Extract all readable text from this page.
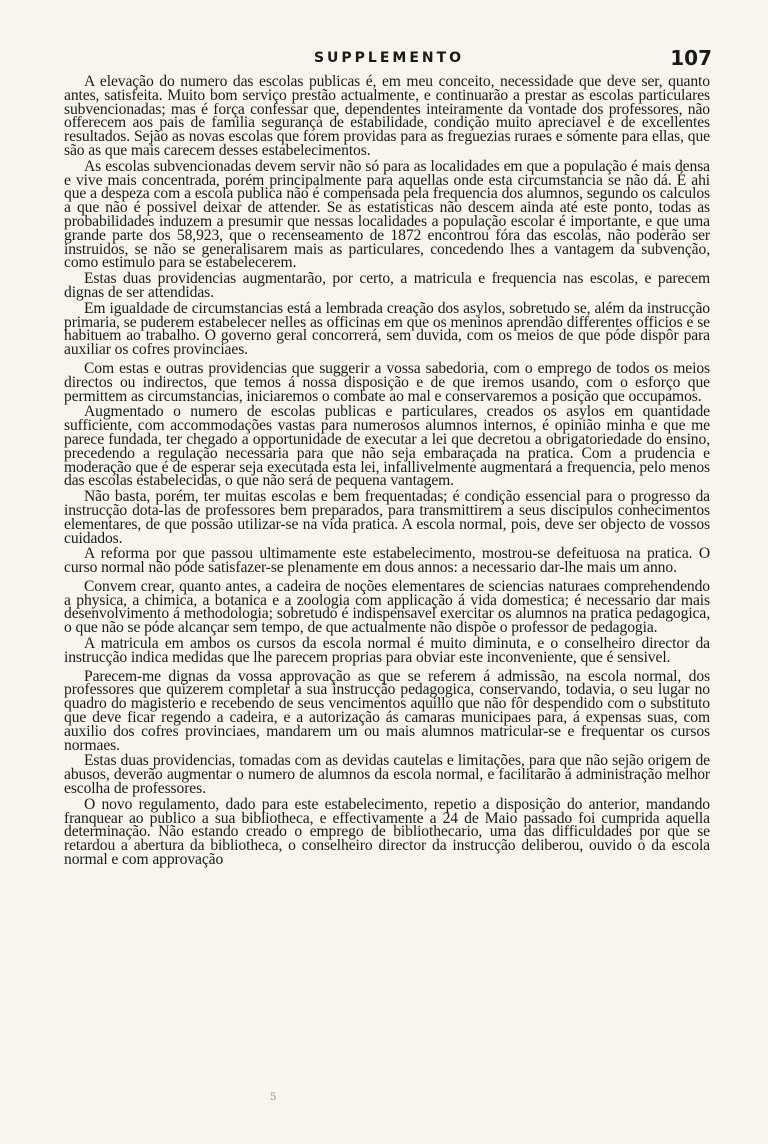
SUPPLEMENTO	107

A elevação do numero das escolas publicas é, em meu conceito, necessidade que deve ser, quanto antes, satisfeita. Muito bom serviço prestão actualmente, e continuarão a prestar as escolas particulares subvencionadas; mas é força confessar que, dependentes inteiramente da vontade dos professores, não offerecem aos pais de familia segurança de estabilidade, condição muito apreciavel e de excellentes resultados. Sejão as novas escolas que forem providas para as freguezias ruraes e sómente para ellas, que são as que mais carecem desses estabelecimentos.

As escolas subvencionadas devem servir não só para as localidades em que a população é mais densa e vive mais concentrada, porém principalmente para aquellas onde esta circumstancia se não dá. É ahi que a despeza com a escola publica não é compensada pela frequencia dos alumnos, segundo os calculos a que não é possivel deixar de attender. Se as estatisticas não descem ainda até este ponto, todas as probabilidades induzem a presumir que nessas localidades a população escolar é importante, e que uma grande parte dos 58,923, que o recenseamento de 1872 encontrou fóra das escolas, não poderão ser instruidos, se não se generalisarem mais as particulares, concedendo lhes a vantagem da subvenção, como estimulo para se estabelecerem.

Estas duas providencias augmentarão, por certo, a matricula e frequencia nas escolas, e parecem dignas de ser attendidas.

Em igualdade de circumstancias está a lembrada creação dos asylos, sobretudo se, além da instrucção primaria, se puderem estabelecer nelles as officinas em que os meninos aprendão differentes officios e se habituem ao trabalho. O governo geral concorrerá, sem duvida, com os meios de que póde dispôr para auxiliar os cofres provinciaes.

Com estas e outras providencias que suggerir a vossa sabedoria, com o emprego de todos os meios directos ou indirectos, que temos á nossa disposição e de que iremos usando, com o esforço que permittem as circumstancias, iniciaremos o combate ao mal e conservaremos a posição que occupamos.

Augmentado o numero de escolas publicas e particulares, creados os asylos em quantidade sufficiente, com accommodações vastas para numerosos alumnos internos, é opinião minha e que me parece fundada, ter chegado a opportunidade de executar a lei que decretou a obrigatoriedade do ensino, precedendo a regulação necessaria para que não seja embaraçada na pratica. Com a prudencia e moderação que é de esperar seja executada esta lei, infallivelmente augmentará a frequencia, pelo menos das escolas estabelecidas, o que não será de pequena vantagem.

Não basta, porém, ter muitas escolas e bem frequentadas; é condição essencial para o progresso da instrucção dota-las de professores bem preparados, para transmittirem a seus discipulos conhecimentos elementares, de que possão utilizar-se na vida pratica. A escola normal, pois, deve ser objecto de vossos cuidados.

A reforma por que passou ultimamente este estabelecimento, mostrou-se defeituosa na pratica. O curso normal não póde satisfazer-se plenamente em dous annos: a necessario dar-lhe mais um anno.

Convem crear, quanto antes, a cadeira de noções elementares de sciencias naturaes comprehendendo a physica, a chimica, a botanica e a zoologia com applicação á vida domestica; é necessario dar mais desenvolvimento á methodologia; sobretudo é indispensavel exercitar os alumnos na pratica pedagogica, o que não se póde alcançar sem tempo, de que actualmente não dispõe o professor de pedagogia.

A matricula em ambos os cursos da escola normal é muito diminuta, e o conselheiro director da instrucção indica medidas que lhe parecem proprias para obviar este inconveniente, que é sensivel.

Parecem-me dignas da vossa approvação as que se referem á admissão, na escola normal, dos professores que quizerem completar a sua instrucção pedagogica, conservando, todavia, o seu lugar no quadro do magisterio e recebendo de seus vencimentos aquillo que não fôr despendido com o substituto que deve ficar regendo a cadeira, e a autorização ás camaras municipaes para, á expensas suas, com auxilio dos cofres provinciaes, mandarem um ou mais alumnos matricular-se e frequentar os cursos normaes.

Estas duas providencias, tomadas com as devidas cautelas e limitações, para que não sejão origem de abusos, deverão augmentar o numero de alumnos da escola normal, e facilitarão á administração melhor escolha de professores.

O novo regulamento, dado para este estabelecimento, repetio a disposição do anterior, mandando franquear ao publico a sua bibliotheca, e effectivamente a 24 de Maio passado foi cumprida aquella determinação. Não estando creado o emprego de bibliothecario, uma das difficuldades por que se retardou a abertura da bibliotheca, o conselheiro director da instrucção deliberou, ouvido o da escola normal e com approvação

5
